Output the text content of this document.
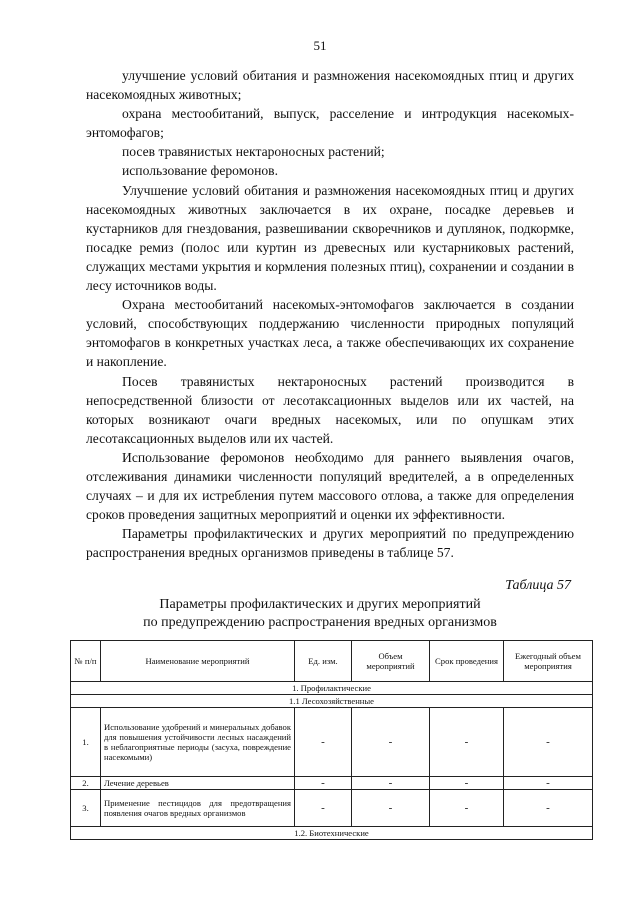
51

улучшение условий обитания и размножения насекомоядных птиц и других насекомоядных животных;

охрана местообитаний, выпуск, расселение и интродукция насекомых-энтомофагов;

посев травянистых нектароносных растений;

использование феромонов.

Улучшение условий обитания и размножения насекомоядных птиц и других насекомоядных животных заключается в их охране, посадке деревьев и кустарников для гнездования, развешивании скворечников и дуплянок, подкормке, посадке ремиз (полос или куртин из древесных или кустарниковых растений, служащих местами укрытия и кормления полезных птиц), сохранении и создании в лесу источников воды.

Охрана местообитаний насекомых-энтомофагов заключается в создании условий, способствующих поддержанию численности природных популяций энтомофагов в конкретных участках леса, а также обеспечивающих их сохранение и накопление.

Посев травянистых нектароносных растений производится в непосредственной близости от лесотаксационных выделов или их частей, на которых возникают очаги вредных насекомых, или по опушкам этих лесотаксационных выделов или их частей.

Использование феромонов необходимо для раннего выявления очагов, отслеживания динамики численности популяций вредителей, а в определенных случаях – и для их истребления путем массового отлова, а также для определения сроков проведения защитных мероприятий и оценки их эффективности.

Параметры профилактических и других мероприятий по предупреждению распространения вредных организмов приведены в таблице 57.

Таблица 57
Параметры профилактических и других мероприятий
по предупреждению распространения вредных организмов
№ п/п	Наименование мероприятий	Ед. изм.	Объем мероприятий	Срок проведения	Ежегодный объем мероприятия
1. Профилактические					
1.1 Лесохозяйственные					
1.	Использование удобрений и минеральных добавок для повышения устойчивости лесных насаждений в неблагоприятные периоды (засуха, повреждение насекомыми)	-	-	-	-
2.	Лечение деревьев	-	-	-	-
3.	Применение пестицидов для предотвращения появления очагов вредных организмов	-	-	-	-
1.2. Биотехнические					
